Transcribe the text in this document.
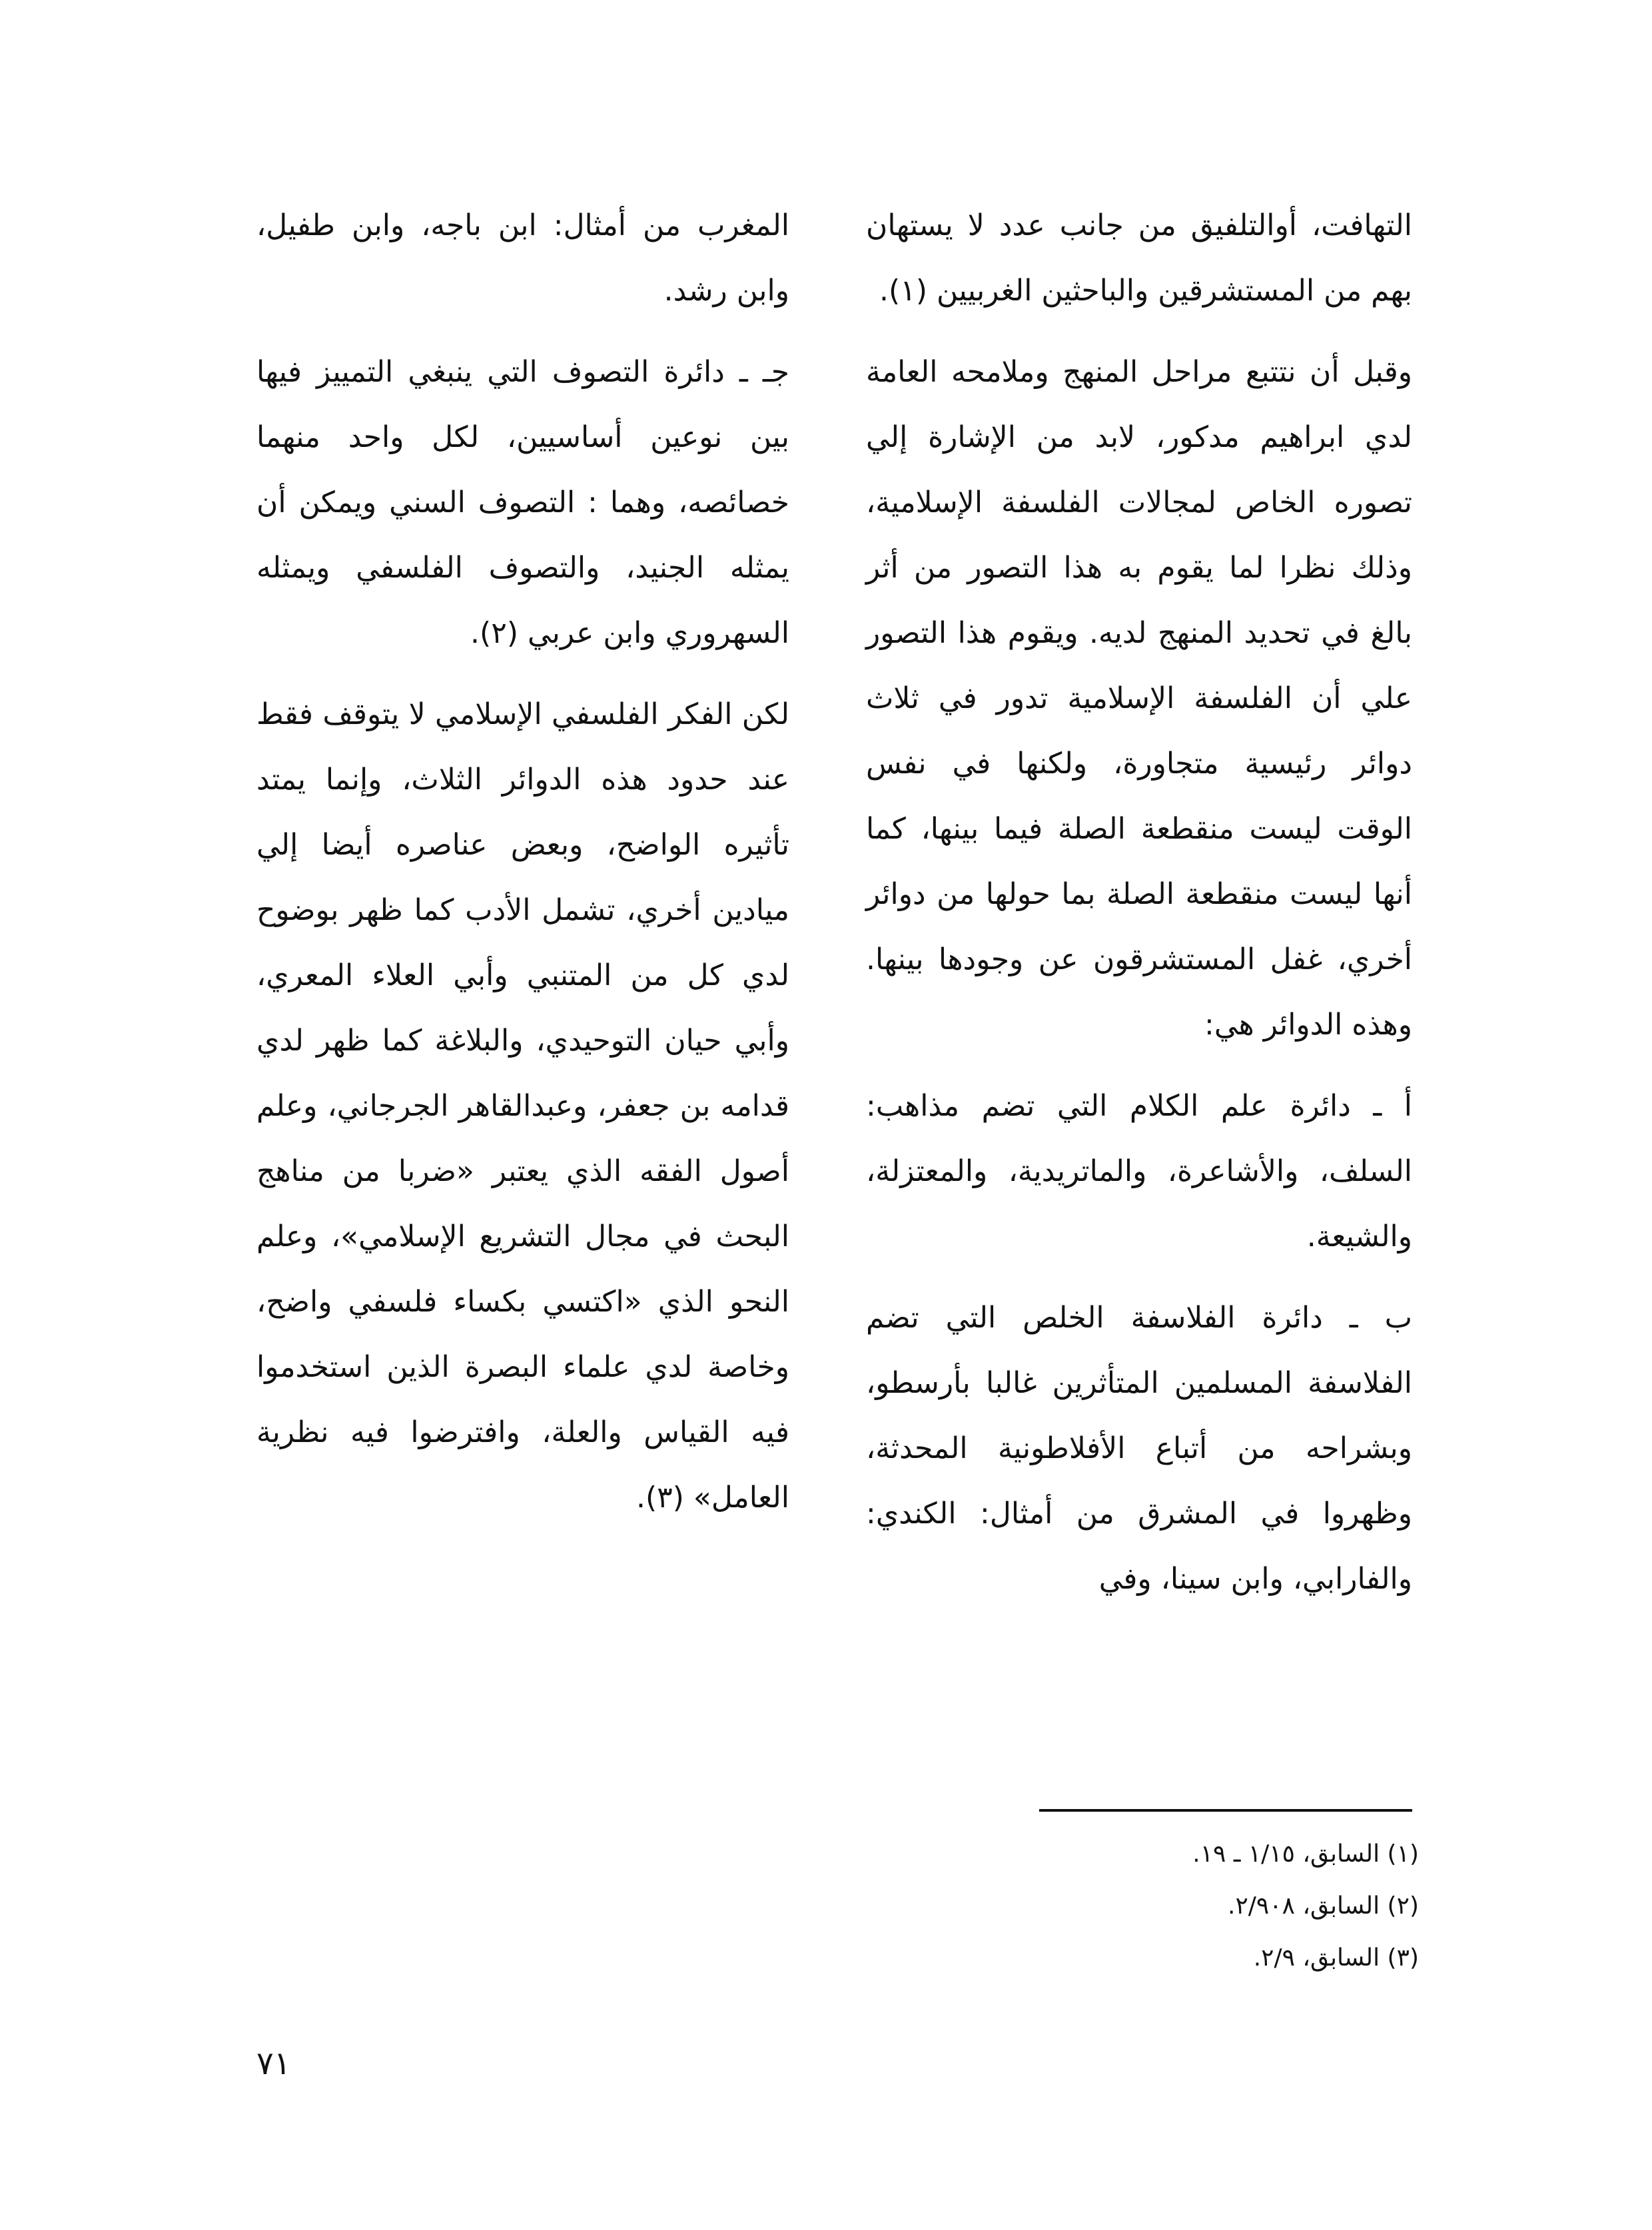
التهافت، أوالتلفيق من جانب عدد لا يستهان بهم من المستشرقين والباحثين الغربيين (١).

وقبل أن نتتبع مراحل المنهج وملامحه العامة لدي ابراهيم مدكور، لابد من الإشارة إلي تصوره الخاص لمجالات الفلسفة الإسلامية، وذلك نظرا لما يقوم به هذا التصور من أثر بالغ في تحديد المنهج لديه. ويقوم هذا التصور علي أن الفلسفة الإسلامية تدور في ثلاث دوائر رئيسية متجاورة، ولكنها في نفس الوقت ليست منقطعة الصلة فيما بينها، كما أنها ليست منقطعة الصلة بما حولها من دوائر أخري، غفل المستشرقون عن وجودها بينها. وهذه الدوائر هي:

أ ـ دائرة علم الكلام التي تضم مذاهب: السلف، والأشاعرة، والماتريدية، والمعتزلة، والشيعة.

ب ـ دائرة الفلاسفة الخلص التي تضم الفلاسفة المسلمين المتأثرين غالبا بأرسطو، وبشراحه من أتباع الأفلاطونية المحدثة، وظهروا في المشرق من أمثال: الكندي: والفارابي، وابن سينا، وفي

المغرب من أمثال: ابن باجه، وابن طفيل، وابن رشد.

جـ ـ دائرة التصوف التي ينبغي التمييز فيها بين نوعين أساسيين، لكل واحد منهما خصائصه، وهما : التصوف السني ويمكن أن يمثله الجنيد، والتصوف الفلسفي ويمثله السهروري وابن عربي (٢).

لكن الفكر الفلسفي الإسلامي لا يتوقف فقط عند حدود هذه الدوائر الثلاث، وإنما يمتد تأثيره الواضح، وبعض عناصره أيضا إلي ميادين أخري، تشمل الأدب كما ظهر بوضوح لدي كل من المتنبي وأبي العلاء المعري، وأبي حيان التوحيدي، والبلاغة كما ظهر لدي قدامه بن جعفر، وعبدالقاهر الجرجاني، وعلم أصول الفقه الذي يعتبر «ضربا من مناهج البحث في مجال التشريع الإسلامي»، وعلم النحو الذي «اكتسي بكساء فلسفي واضح، وخاصة لدي علماء البصرة الذين استخدموا فيه القياس والعلة، وافترضوا فيه نظرية العامل» (٣).

(١) السابق، ١/١٥ ـ ١٩.

(٢) السابق، ٢/٩٠٨.

(٣) السابق، ٢/٩.

٧١
